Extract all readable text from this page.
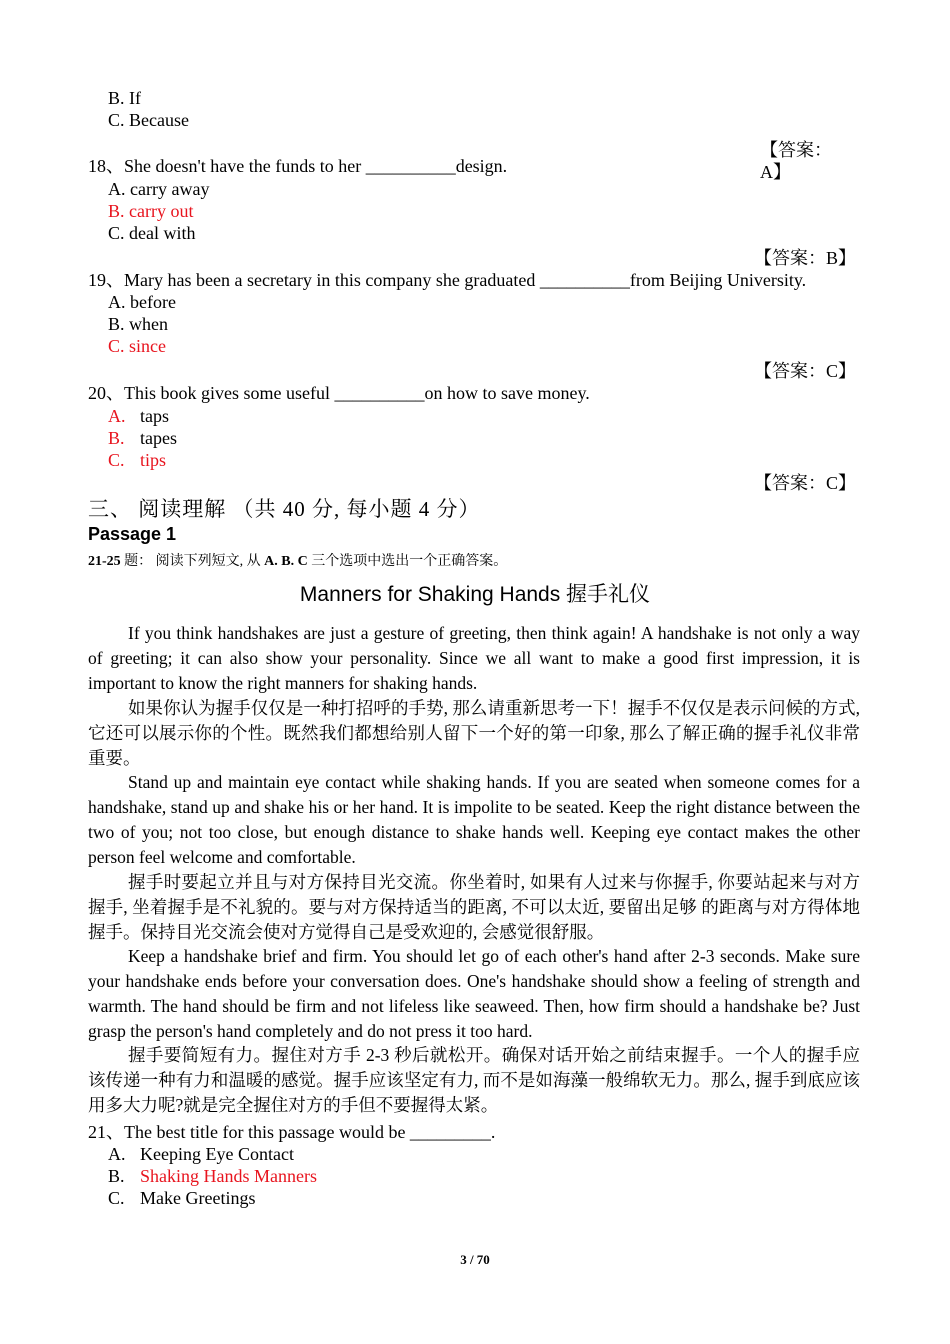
B. If
C. Because
【答案：
A】
18、She doesn't have the funds to her __________design.
A. carry away
B. carry out
C. deal with
【答案：B】
19、Mary has been a secretary in this company she graduated __________from Beijing University.
A. before
B. when
C. since
【答案：C】
20、This book gives some useful __________on how to save money.
A. taps
B. tapes
C. tips
【答案：C】
三、 阅读理解 （共 40 分, 每小题 4 分）
Passage 1
21-25 题： 阅读下列短文, 从 A. B. C 三个选项中选出一个正确答案。
Manners for Shaking Hands 握手礼仪
If you think handshakes are just a gesture of greeting, then think again! A handshake is not only a way of greeting; it can also show your personality. Since we all want to make a good first impression, it is important to know the right manners for shaking hands.
如果你认为握手仅仅是一种打招呼的手势, 那么请重新思考一下！握手不仅仅是表示问候的方式, 它还可以展示你的个性。既然我们都想给别人留下一个好的第一印象, 那么了解正确的握手礼仪非常重要。
Stand up and maintain eye contact while shaking hands. If you are seated when someone comes for a handshake, stand up and shake his or her hand. It is impolite to be seated. Keep the right distance between the two of you; not too close, but enough distance to shake hands well. Keeping eye contact makes the other person feel welcome and comfortable.
握手时要起立并且与对方保持目光交流。你坐着时, 如果有人过来与你握手, 你要站起来与对方握手, 坐着握手是不礼貌的。要与对方保持适当的距离, 不可以太近, 要留出足够 的距离与对方得体地握手。保持目光交流会使对方觉得自己是受欢迎的, 会感觉很舒服。
Keep a handshake brief and firm. You should let go of each other's hand after 2-3 seconds. Make sure your handshake ends before your conversation does. One's handshake should show a feeling of strength and warmth. The hand should be firm and not lifeless like seaweed. Then, how firm should a handshake be? Just grasp the person's hand completely and do not press it too hard.
握手要简短有力。握住对方手 2-3 秒后就松开。确保对话开始之前结束握手。一个人的握手应该传递一种有力和温暖的感觉。握手应该坚定有力, 而不是如海藻一般绵软无力。那么, 握手到底应该用多大力呢?就是完全握住对方的手但不要握得太紧。
21、The best title for this passage would be _________.
A. Keeping Eye Contact
B. Shaking Hands Manners
C. Make Greetings
3 / 70
